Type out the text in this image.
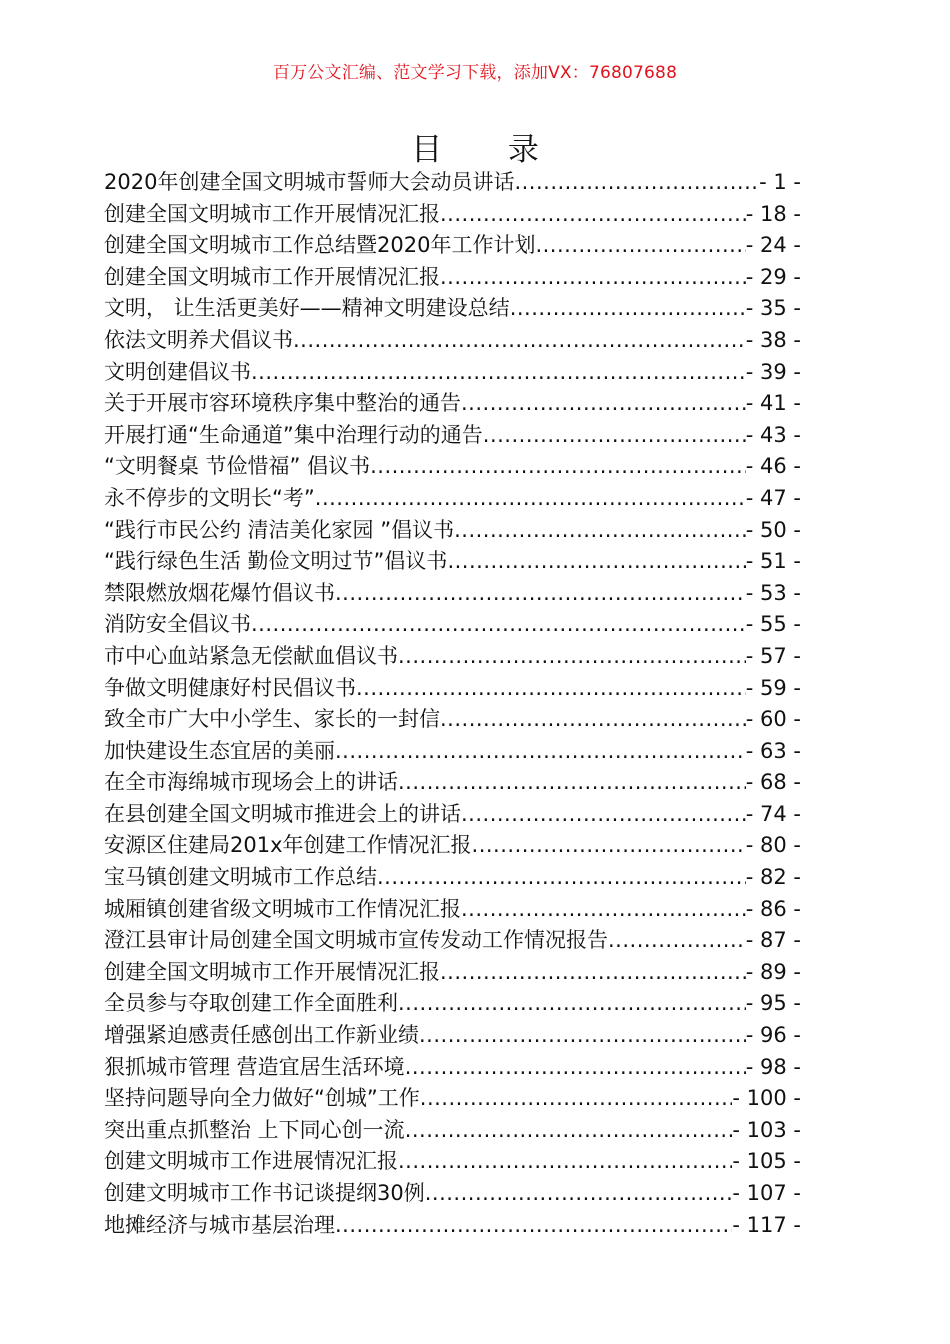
百万公文汇编、范文学习下载，添加VX：76807688
目 录
2020年创建全国文明城市誓师大会动员讲话 .....	- 1 -
创建全国文明城市工作开展情况汇报 .....	- 18 -
创建全国文明城市工作总结暨2020年工作计划 .....	- 24 -
创建全国文明城市工作开展情况汇报 .....	- 29 -
文明， 让生活更美好——精神文明建设总结 .....	- 35 -
依法文明养犬倡议书 .....	- 38 -
文明创建倡议书 .....	- 39 -
关于开展市容环境秩序集中整治的通告 .....	- 41 -
开展打通“生命通道”集中治理行动的通告 .....	- 43 -
“文明餐桌 节俭惜福” 倡议书 .....	- 46 -
永不停步的文明长“考” .....	- 47 -
“践行市民公约 清洁美化家园 ”倡议书 .....	- 50 -
“践行绿色生活 勤俭文明过节”倡议书 .....	- 51 -
禁限燃放烟花爆竹倡议书 .....	- 53 -
消防安全倡议书 .....	- 55 -
市中心血站紧急无偿献血倡议书 .....	- 57 -
争做文明健康好村民倡议书 .....	- 59 -
致全市广大中小学生、家长的一封信 .....	- 60 -
加快建设生态宜居的美丽 .....	- 63 -
在全市海绵城市现场会上的讲话 .....	- 68 -
在县创建全国文明城市推进会上的讲话 .....	- 74 -
安源区住建局201x年创建工作情况汇报 .....	- 80 -
宝马镇创建文明城市工作总结 .....	- 82 -
城厢镇创建省级文明城市工作情况汇报 .....	- 86 -
澄江县审计局创建全国文明城市宣传发动工作情况报告 .....	- 87 -
创建全国文明城市工作开展情况汇报 .....	- 89 -
全员参与夺取创建工作全面胜利 .....	- 95 -
增强紧迫感责任感创出工作新业绩 .....	- 96 -
狠抓城市管理 营造宜居生活环境 .....	- 98 -
坚持问题导向全力做好“创城”工作 .....	- 100 -
突出重点抓整治 上下同心创一流 .....	- 103 -
创建文明城市工作进展情况汇报 .....	- 105 -
创建文明城市工作书记谈提纲30例 .....	- 107 -
地摊经济与城市基层治理 .....	- 117 -
